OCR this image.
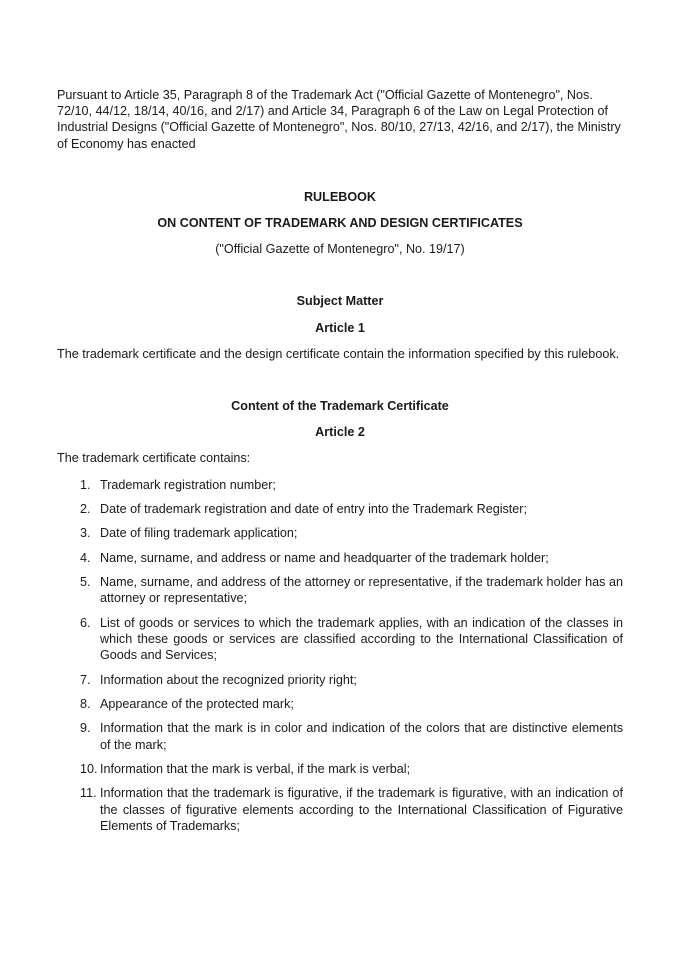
Pursuant to Article 35, Paragraph 8 of the Trademark Act ("Official Gazette of Montenegro", Nos. 72/10, 44/12, 18/14, 40/16, and 2/17) and Article 34, Paragraph 6 of the Law on Legal Protection of Industrial Designs ("Official Gazette of Montenegro", Nos. 80/10, 27/13, 42/16, and 2/17), the Ministry of Economy has enacted

RULEBOOK

ON CONTENT OF TRADEMARK AND DESIGN CERTIFICATES

("Official Gazette of Montenegro", No. 19/17)

Subject Matter

Article 1

The trademark certificate and the design certificate contain the information specified by this rulebook.

Content of the Trademark Certificate

Article 2

The trademark certificate contains:

1. Trademark registration number;
2. Date of trademark registration and date of entry into the Trademark Register;
3. Date of filing trademark application;
4. Name, surname, and address or name and headquarter of the trademark holder;
5. Name, surname, and address of the attorney or representative, if the trademark holder has an attorney or representative;
6. List of goods or services to which the trademark applies, with an indication of the classes in which these goods or services are classified according to the International Classification of Goods and Services;
7. Information about the recognized priority right;
8. Appearance of the protected mark;
9. Information that the mark is in color and indication of the colors that are distinctive elements of the mark;
10. Information that the mark is verbal, if the mark is verbal;
11. Information that the trademark is figurative, if the trademark is figurative, with an indication of the classes of figurative elements according to the International Classification of Figurative Elements of Trademarks;
